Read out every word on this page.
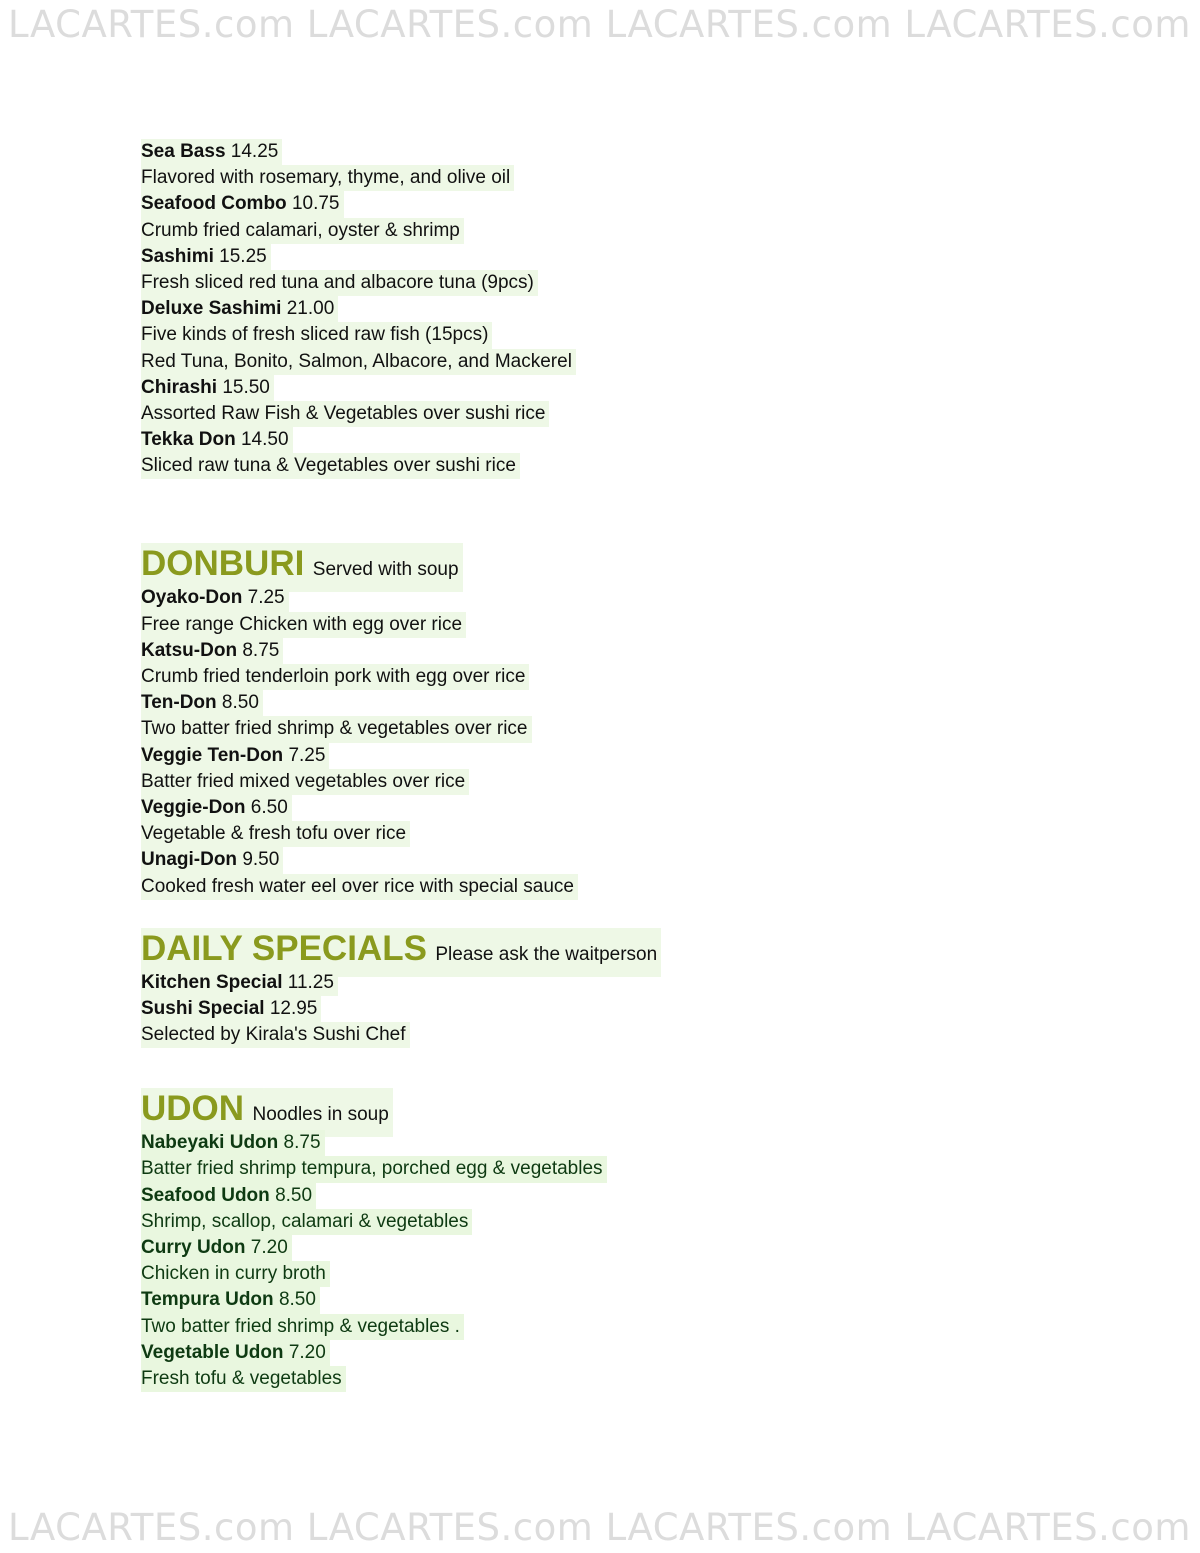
LACARTES.com LACARTES.com LACARTES.com LACARTES.com
Sea Bass 14.25
Flavored with rosemary, thyme, and olive oil
Seafood Combo 10.75
Crumb fried calamari, oyster & shrimp
Sashimi 15.25
Fresh sliced red tuna and albacore tuna (9pcs)
Deluxe Sashimi 21.00
Five kinds of fresh sliced raw fish (15pcs)
Red Tuna, Bonito, Salmon, Albacore, and Mackerel
Chirashi 15.50
Assorted Raw Fish & Vegetables over sushi rice
Tekka Don 14.50
Sliced raw tuna & Vegetables over sushi rice
DONBURI Served with soup
Oyako-Don 7.25
Free range Chicken with egg over rice
Katsu-Don 8.75
Crumb fried tenderloin pork with egg over rice
Ten-Don 8.50
Two batter fried shrimp & vegetables over rice
Veggie Ten-Don 7.25
Batter fried mixed vegetables over rice
Veggie-Don 6.50
Vegetable & fresh tofu over rice
Unagi-Don 9.50
Cooked fresh water eel over rice with special sauce
DAILY SPECIALS Please ask the waitperson
Kitchen Special 11.25
Sushi Special 12.95
Selected by Kirala's Sushi Chef
UDON Noodles in soup
Nabeyaki Udon 8.75
Batter fried shrimp tempura, porched egg & vegetables
Seafood Udon 8.50
Shrimp, scallop, calamari & vegetables
Curry Udon 7.20
Chicken in curry broth
Tempura Udon 8.50
Two batter fried shrimp & vegetables .
Vegetable Udon 7.20
Fresh tofu & vegetables
LACARTES.com LACARTES.com LACARTES.com LACARTES.com
